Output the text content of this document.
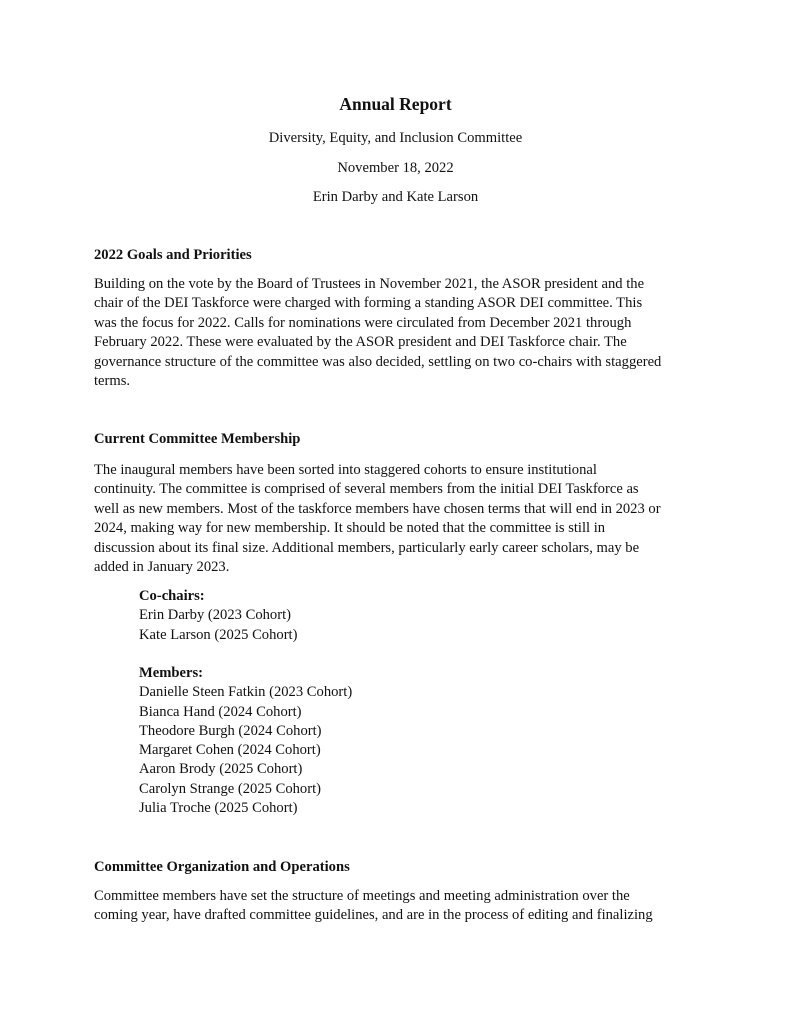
Annual Report
Diversity, Equity, and Inclusion Committee
November 18, 2022
Erin Darby and Kate Larson
2022 Goals and Priorities
Building on the vote by the Board of Trustees in November 2021, the ASOR president and the
chair of the DEI Taskforce were charged with forming a standing ASOR DEI committee. This
was the focus for 2022. Calls for nominations were circulated from December 2021 through
February 2022. These were evaluated by the ASOR president and DEI Taskforce chair. The
governance structure of the committee was also decided, settling on two co-chairs with staggered
terms.
Current Committee Membership
The inaugural members have been sorted into staggered cohorts to ensure institutional
continuity. The committee is comprised of several members from the initial DEI Taskforce as
well as new members. Most of the taskforce members have chosen terms that will end in 2023 or
2024, making way for new membership. It should be noted that the committee is still in
discussion about its final size. Additional members, particularly early career scholars, may be
added in January 2023.
Co-chairs:
Erin Darby (2023 Cohort)
Kate Larson (2025 Cohort)
Members:
Danielle Steen Fatkin (2023 Cohort)
Bianca Hand (2024 Cohort)
Theodore Burgh (2024 Cohort)
Margaret Cohen (2024 Cohort)
Aaron Brody (2025 Cohort)
Carolyn Strange (2025 Cohort)
Julia Troche (2025 Cohort)
Committee Organization and Operations
Committee members have set the structure of meetings and meeting administration over the
coming year, have drafted committee guidelines, and are in the process of editing and finalizing
